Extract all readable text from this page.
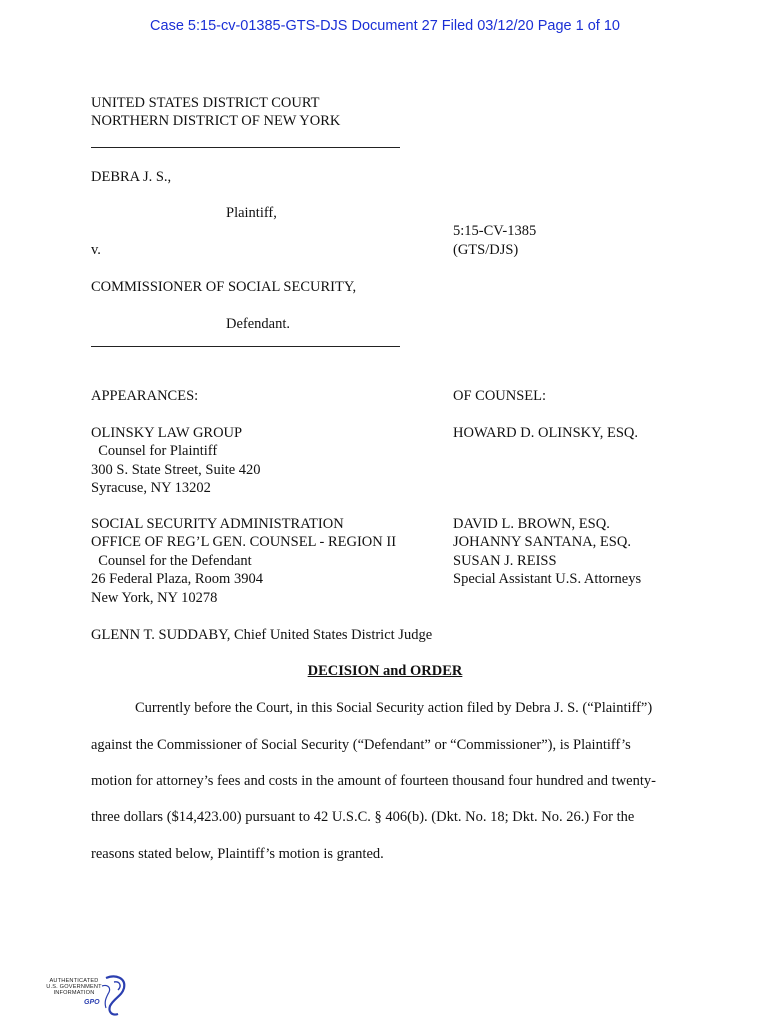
Case 5:15-cv-01385-GTS-DJS Document 27 Filed 03/12/20 Page 1 of 10
UNITED STATES DISTRICT COURT
NORTHERN DISTRICT OF NEW YORK
DEBRA J. S.,
Plaintiff,
5:15-CV-1385
(GTS/DJS)
v.
COMMISSIONER OF SOCIAL SECURITY,
Defendant.
APPEARANCES:	OF COUNSEL:
OLINSKY LAW GROUP
Counsel for Plaintiff
300 S. State Street, Suite 420
Syracuse, NY 13202
HOWARD D. OLINSKY, ESQ.
SOCIAL SECURITY ADMINISTRATION
OFFICE OF REG’L GEN. COUNSEL - REGION II
Counsel for the Defendant
26 Federal Plaza, Room 3904
New York, NY 10278
DAVID L. BROWN, ESQ.
JOHANNY SANTANA, ESQ.
SUSAN J. REISS
Special Assistant U.S. Attorneys
GLENN T. SUDDABY, Chief United States District Judge
DECISION and ORDER
Currently before the Court, in this Social Security action filed by Debra J. S. (“Plaintiff”)
against the Commissioner of Social Security (“Defendant” or “Commissioner”), is Plaintiff’s
motion for attorney’s fees and costs in the amount of fourteen thousand four hundred and twenty-
three dollars ($14,423.00) pursuant to 42 U.S.C. § 406(b). (Dkt. No. 18; Dkt. No. 26.) For the
reasons stated below, Plaintiff’s motion is granted.
AUTHENTICATED
U.S. GOVERNMENT
INFORMATION
GPO
